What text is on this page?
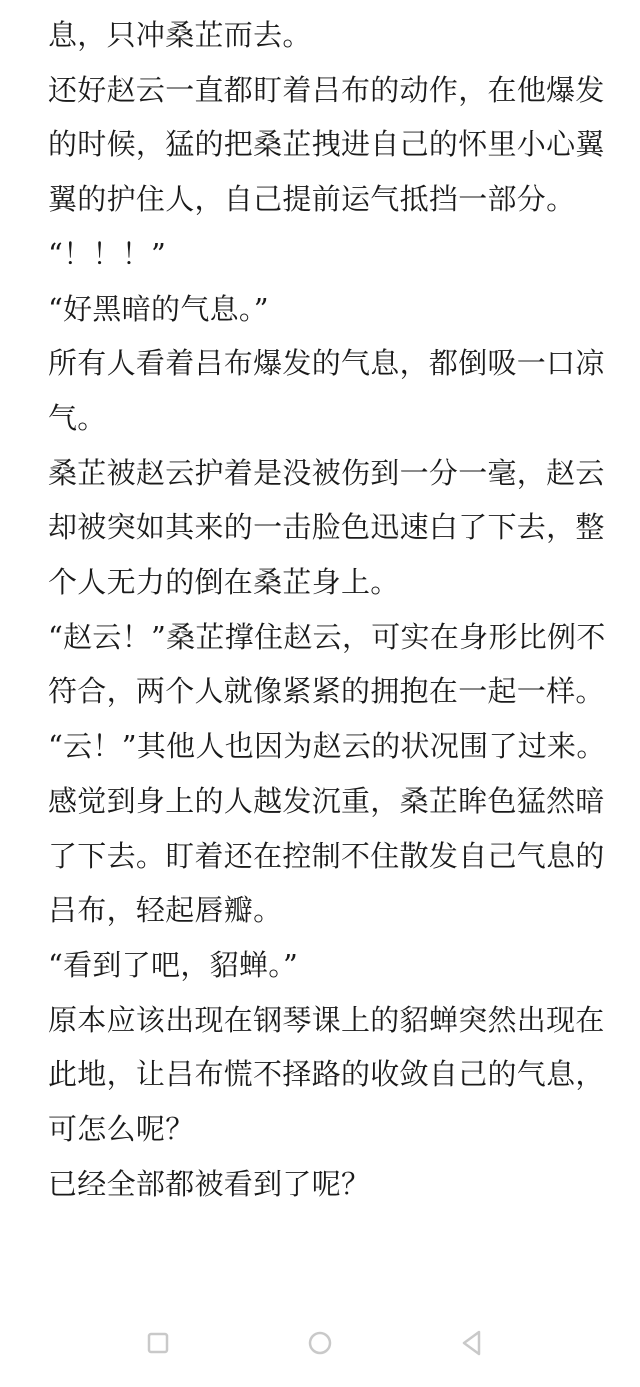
息，只冲桑芷而去。

还好赵云一直都盯着吕布的动作，在他爆发的时候，猛的把桑芷拽进自己的怀里小心翼翼的护住人，自己提前运气抵挡一部分。

“！！！”

“好黑暗的气息。”

所有人看着吕布爆发的气息，都倒吸一口凉气。

桑芷被赵云护着是没被伤到一分一毫，赵云却被突如其来的一击脸色迅速白了下去，整个人无力的倒在桑芷身上。

“赵云！”桑芷撑住赵云，可实在身形比例不符合，两个人就像紧紧的拥抱在一起一样。

“云！”其他人也因为赵云的状况围了过来。

感觉到身上的人越发沉重，桑芷眸色猛然暗了下去。盯着还在控制不住散发自己气息的吕布，轻起唇瓣。

“看到了吧，貂蝉。”

原本应该出现在钢琴课上的貂蝉突然出现在此地，让吕布慌不择路的收敛自己的气息，可怎么呢？

已经全部都被看到了呢？
